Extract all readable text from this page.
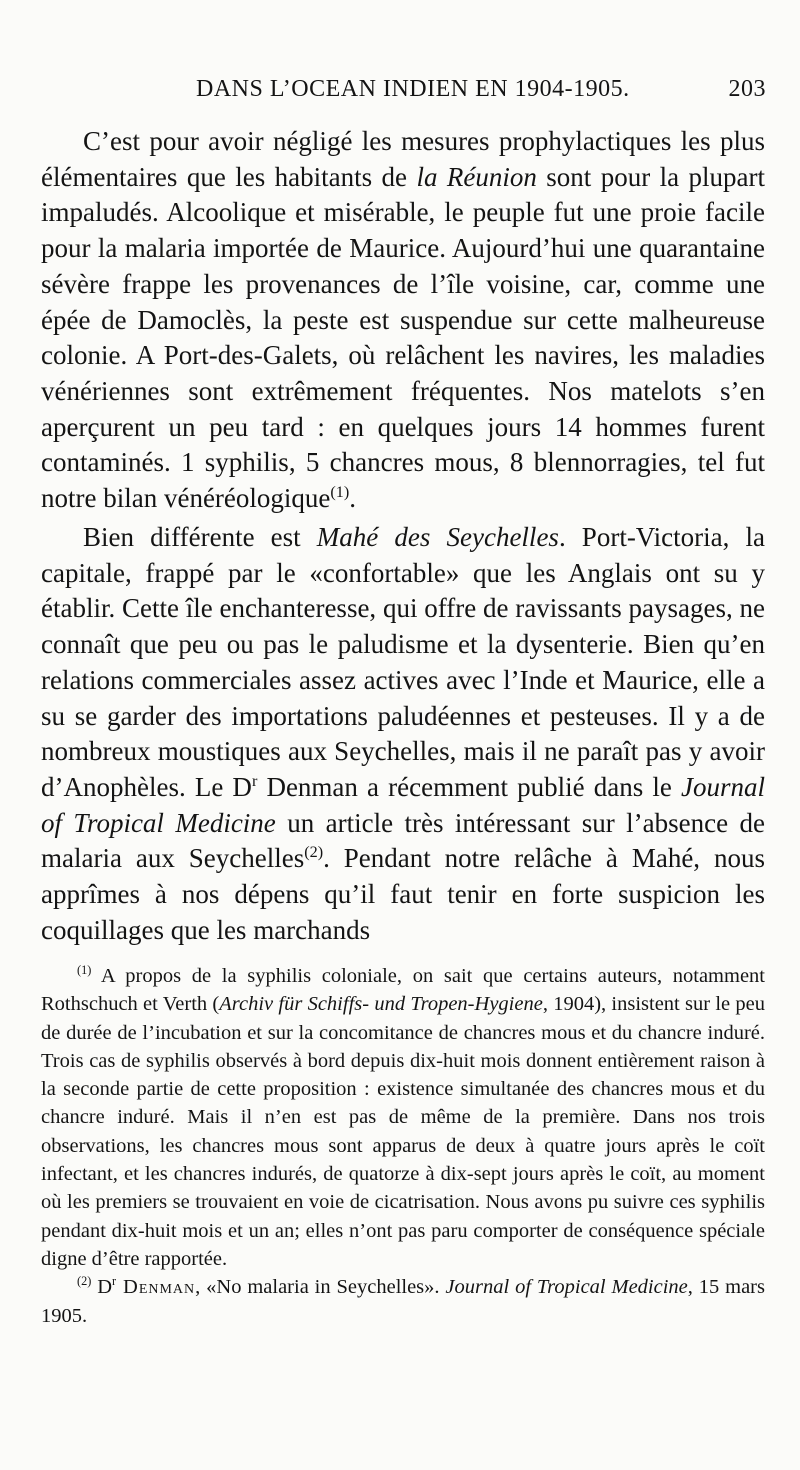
DANS L’OCEAN INDIEN EN 1904-1905.	203

C’est pour avoir négligé les mesures prophylactiques les plus élémentaires que les habitants de la Réunion sont pour la plupart impaludés. Alcoolique et misérable, le peuple fut une proie facile pour la malaria importée de Maurice. Aujourd’hui une quarantaine sévère frappe les provenances de l’île voisine, car, comme une épée de Damoclès, la peste est suspendue sur cette malheureuse colonie. A Port-des-Galets, où relâchent les navires, les maladies vénériennes sont extrêmement fréquentes. Nos matelots s’en aperçurent un peu tard : en quelques jours 14 hommes furent contaminés. 1 syphilis, 5 chancres mous, 8 blennorragies, tel fut notre bilan vénéréologique$^{(1)}$.

Bien différente est Mahé des Seychelles. Port-Victoria, la capitale, frappé par le «confortable» que les Anglais ont su y établir. Cette île enchanteresse, qui offre de ravissants paysages, ne connaît que peu ou pas le paludisme et la dysenterie. Bien qu’en relations commerciales assez actives avec l’Inde et Maurice, elle a su se garder des importations paludéennes et pesteuses. Il y a de nombreux moustiques aux Seychelles, mais il ne paraît pas y avoir d’Anophèles. Le $D^r$ Denman a récemment publié dans le Journal of Tropical Medicine un article très intéressant sur l’absence de malaria aux Seychelles$^{(2)}$. Pendant notre relâche à Mahé, nous apprîmes à nos dépens qu’il faut tenir en forte suspicion les coquillages que les marchands

$^{(1)}$ A propos de la syphilis coloniale, on sait que certains auteurs, notamment Rothschuch et Verth (Archiv für Schiffs- und Tropen-Hygiene, 1904), insistent sur le peu de durée de l’incubation et sur la concomitance de chancres mous et du chancre induré. Trois cas de syphilis observés à bord depuis dix-huit mois donnent entièrement raison à la seconde partie de cette proposition : existence simultanée des chancres mous et du chancre induré. Mais il n’en est pas de même de la première. Dans nos trois observations, les chancres mous sont apparus de deux à quatre jours après le coït infectant, et les chancres indurés, de quatorze à dix-sept jours après le coït, au moment où les premiers se trouvaient en voie de cicatrisation. Nous avons pu suivre ces syphilis pendant dix-huit mois et un an; elles n’ont pas paru comporter de conséquence spéciale digne d’être rapportée.

$^{(2)}$ $D^r$ Denman, «No malaria in Seychelles». Journal of Tropical Medicine, 15 mars 1905.
